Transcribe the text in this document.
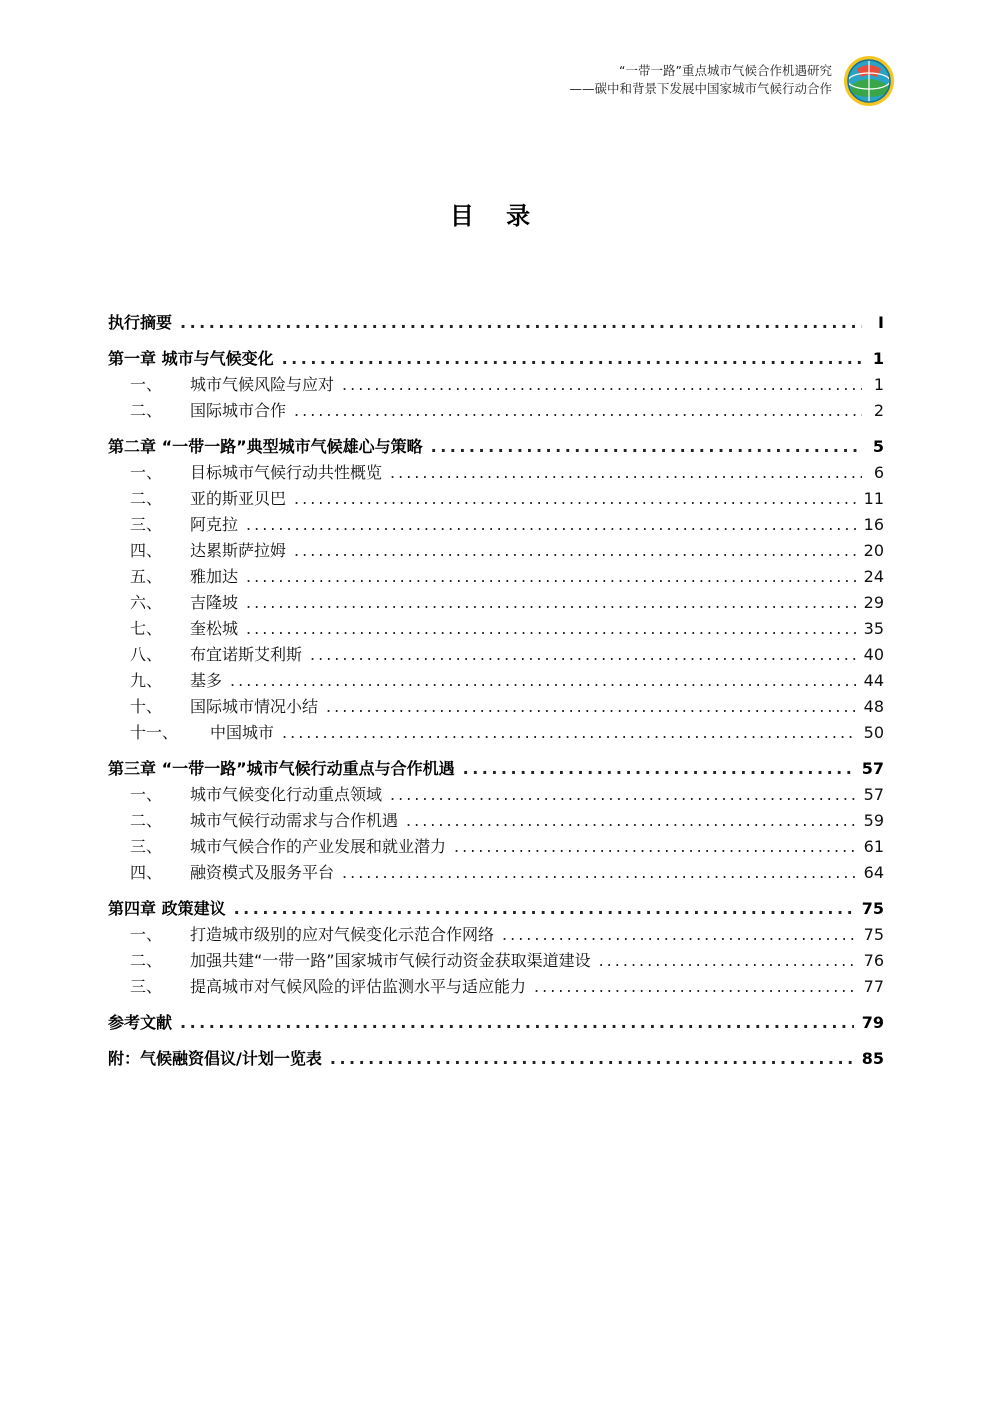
“一带一路”重点城市气候合作机遇研究
——碳中和背景下发展中国家城市气候行动合作
目 录
执行摘要 .....	I
第一章 城市与气候变化 .....	1
一、	城市气候风险与应对 .....	1
二、	国际城市合作 .....	2
第二章 “一带一路”典型城市气候雄心与策略 .....	5
一、	目标城市气候行动共性概览 .....	6
二、	亚的斯亚贝巴 .....	11
三、	阿克拉 .....	16
四、	达累斯萨拉姆 .....	20
五、	雅加达 .....	24
六、	吉隆坡 .....	29
七、	奎松城 .....	35
八、	布宜诺斯艾利斯 .....	40
九、	基多 .....	44
十、	国际城市情况小结 .....	48
十一、	中国城市 .....	50
第三章 “一带一路”城市气候行动重点与合作机遇 .....	57
一、	城市气候变化行动重点领域 .....	57
二、	城市气候行动需求与合作机遇 .....	59
三、	城市气候合作的产业发展和就业潜力 .....	61
四、	融资模式及服务平台 .....	64
第四章 政策建议 .....	75
一、	打造城市级别的应对气候变化示范合作网络 .....	75
二、	加强共建“一带一路”国家城市气候行动资金获取渠道建设 .....	76
三、	提高城市对气候风险的评估监测水平与适应能力 .....	77
参考文献 .....	79
附：气候融资倡议/计划一览表 .....	85
